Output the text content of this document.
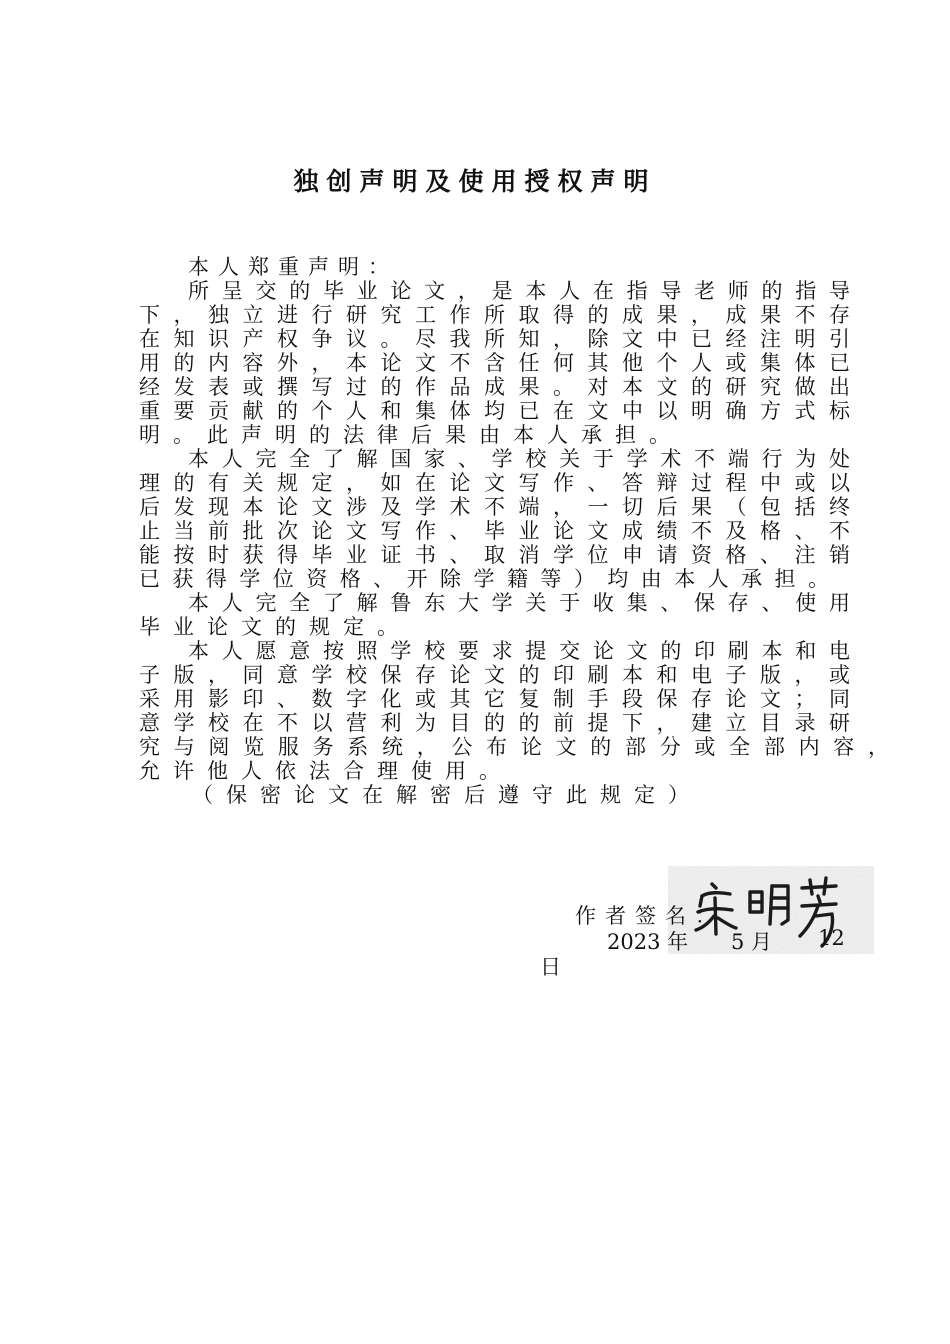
独创声明及使用授权声明
本人郑重声明：
所呈交的毕业论文，是本人在指导老师的指导
下，独立进行研究工作所取得的成果，成果不存
在知识产权争议。尽我所知，除文中已经注明引
用的内容外，本论文不含任何其他个人或集体已
经发表或撰写过的作品成果。对本文的研究做出
重要贡献的个人和集体均已在文中以明确方式标
明。此声明的法律后果由本人承担。
本人完全了解国家、学校关于学术不端行为处
理的有关规定，如在论文写作、答辩过程中或以
后发现本论文涉及学术不端，一切后果（包括终
止当前批次论文写作、毕业论文成绩不及格、不
能按时获得毕业证书、取消学位申请资格、注销
已获得学位资格、开除学籍等）均由本人承担。
本人完全了解鲁东大学关于收集、保存、使用
毕业论文的规定。
本人愿意按照学校要求提交论文的印刷本和电
子版，同意学校保存论文的印刷本和电子版，或
采用影印、数字化或其它复制手段保存论文；同
意学校在不以营利为目的的前提下，建立目录研
究与阅览服务系统，公布论文的部分或全部内容，
允许他人依法合理使用。
（保密论文在解密后遵守此规定）
作者签名：
2023 年 5 月 12
日
